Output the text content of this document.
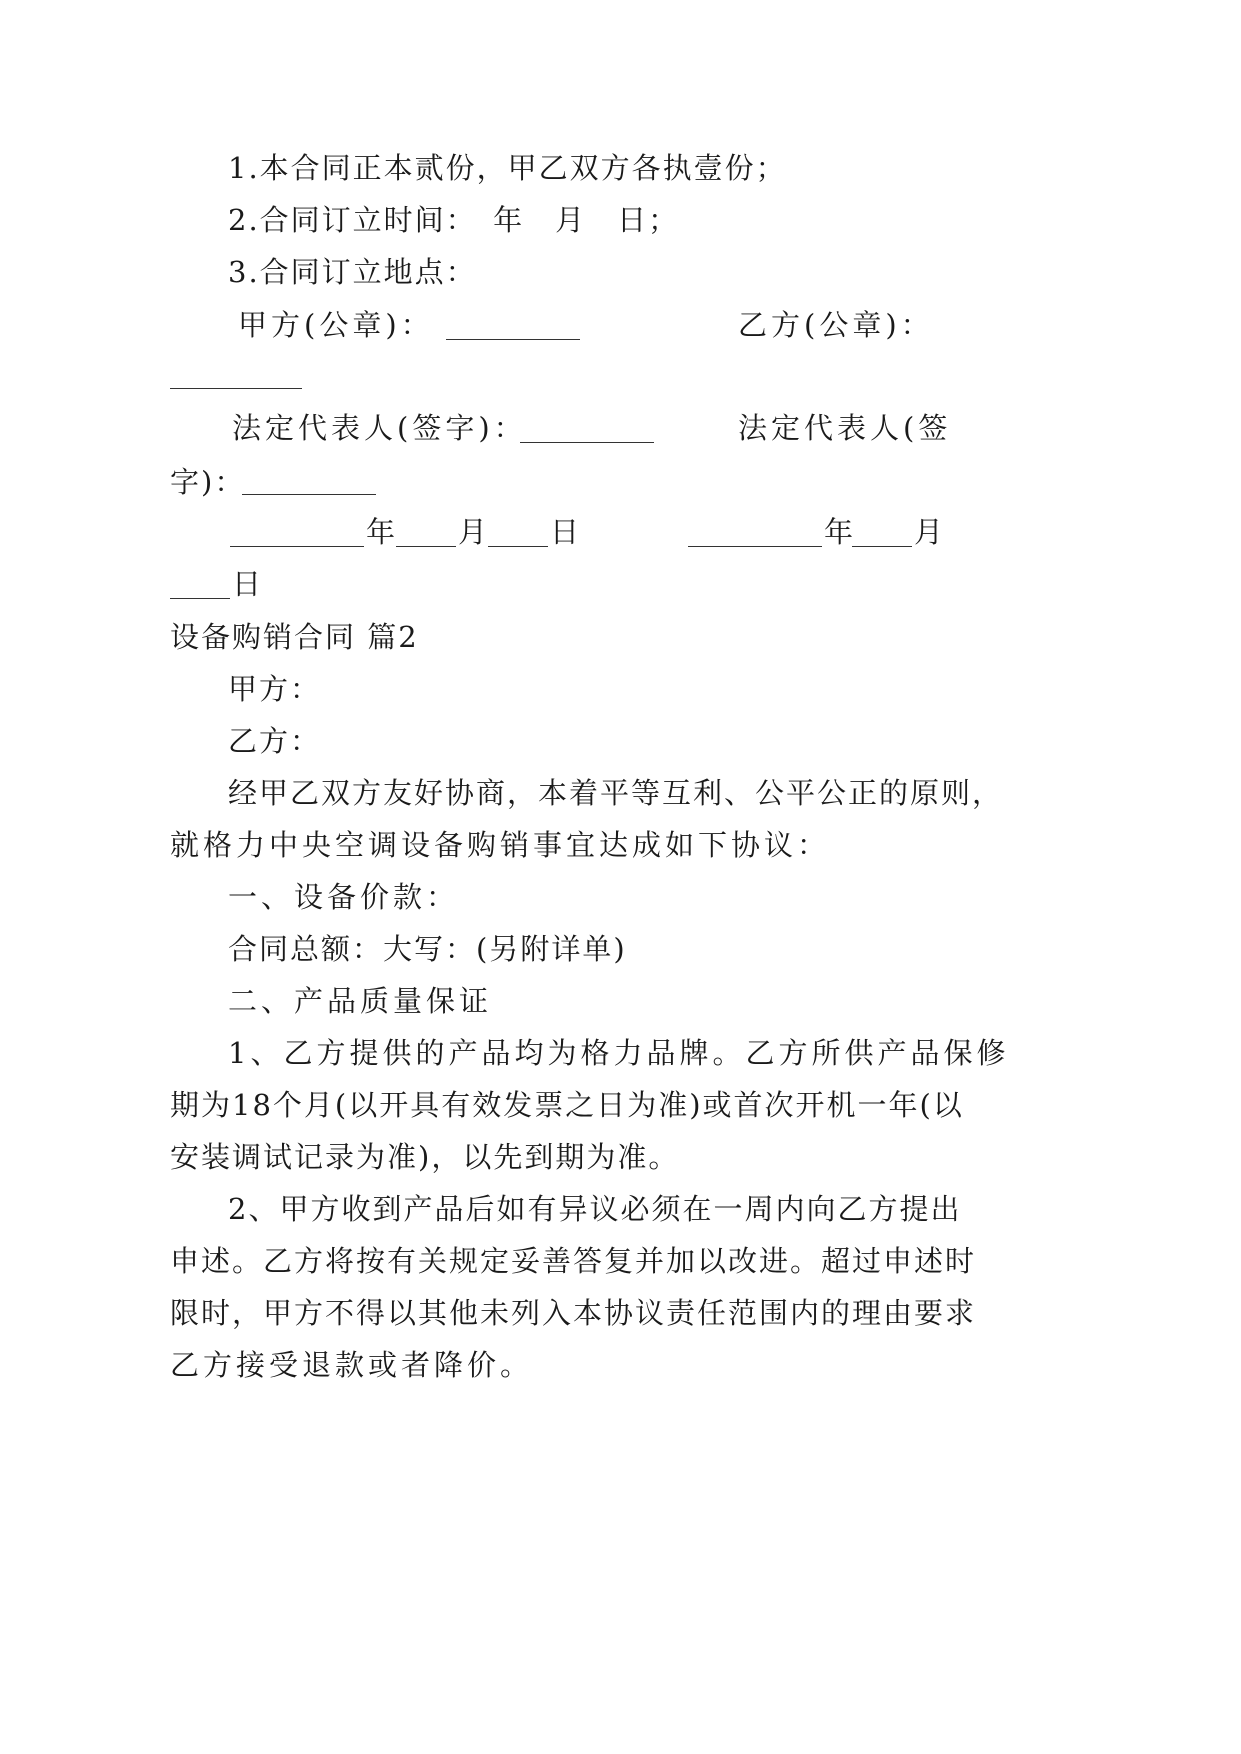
1.本合同正本贰份，甲乙双方各执壹份；
2.合同订立时间：　年　月　日；
3.合同订立地点：
甲方(公章)：	乙方(公章)：
法定代表人(签字)：	法定代表人(签
字)：
年 月 日	年 月
日
设备购销合同 篇2
甲方：
乙方：
经甲乙双方友好协商，本着平等互利、公平公正的原则，
就格力中央空调设备购销事宜达成如下协议：
一、设备价款：
合同总额：大写：(另附详单)
二、产品质量保证
1、乙方提供的产品均为格力品牌。乙方所供产品保修
期为18个月(以开具有效发票之日为准)或首次开机一年(以
安装调试记录为准)，以先到期为准。
2、甲方收到产品后如有异议必须在一周内向乙方提出
申述。乙方将按有关规定妥善答复并加以改进。超过申述时
限时，甲方不得以其他未列入本协议责任范围内的理由要求
乙方接受退款或者降价。
